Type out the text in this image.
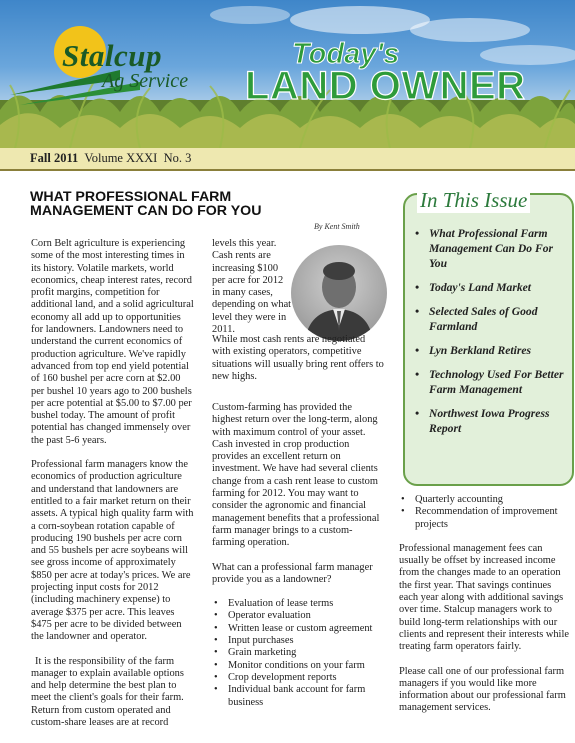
Stalcup
Ag Service
Today's
LAND OWNER
Fall 2011 Volume XXXI No. 3
WHAT PROFESSIONAL FARM
MANAGEMENT CAN DO FOR YOU
By Kent Smith

Corn Belt agriculture is experiencing some of the most interesting times in its history. Volatile markets, world economics, cheap interest rates, record profit margins, competition for additional land, and a solid agricultural economy all add up to opportunities for landowners. Landowners need to understand the current economics of production agriculture. We've rapidly advanced from top end yield potential of 160 bushel per acre corn at $2.00 per bushel 10 years ago to 200 bushels per acre potential at $5.00 to $7.00 per bushel today. The amount of profit potential has changed immensely over the past 5-6 years.

Professional farm managers know the economics of production agriculture and understand that landowners are entitled to a fair market return on their assets. A typical high quality farm with a corn-soybean rotation capable of producing 190 bushels per acre corn and 55 bushels per acre soybeans will see gross income of approximately $850 per acre at today's prices. We are projecting input costs for 2012 (including machinery expense) to average $375 per acre. This leaves $475 per acre to be divided between the landowner and operator.

It is the responsibility of the farm manager to explain available options and help determine the best plan to meet the client's goals for their farm. Return from custom operated and custom-share leases are at record

levels this year. Cash rents are increasing $100 per acre for 2012 in many cases, depending on what level they were in 2011.
While most cash rents are negotiated with existing operators, competitive situations will usually bring rent offers to new highs.

Custom-farming has provided the highest return over the long-term, along with maximum control of your asset. Cash invested in crop production provides an excellent return on investment. We have had several clients change from a cash rent lease to custom farming for 2012. You may want to consider the agronomic and financial management benefits that a professional farm manager brings to a custom-farming operation.

What can a professional farm manager provide you as a landowner?

• Evaluation of lease terms
• Operator evaluation
• Written lease or custom agreement
• Input purchases
• Grain marketing
• Monitor conditions on your farm
• Crop development reports
• Individual bank account for farm business
In This Issue
• What Professional Farm Management Can Do For You
• Today's Land Market
• Selected Sales of Good Farmland
• Lyn Berkland Retires
• Technology Used For Better Farm Management
• Northwest Iowa Progress Report
• Quarterly accounting
• Recommendation of improvement projects

Professional management fees can usually be offset by increased income from the changes made to an operation the first year. That savings continues each year along with additional savings over time. Stalcup managers work to build long-term relationships with our clients and represent their interests while treating farm operators fairly.

Please call one of our professional farm managers if you would like more information about our professional farm management services.
